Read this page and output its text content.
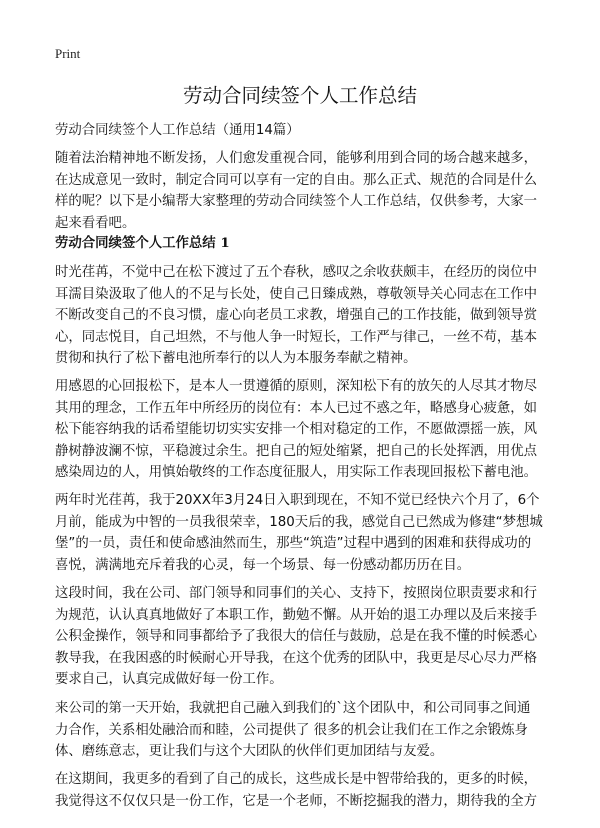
Print
劳动合同续签个人工作总结
劳动合同续签个人工作总结（通用14篇）
随着法治精神地不断发扬，人们愈发重视合同，能够利用到合同的场合越来越多，
在达成意见一致时，制定合同可以享有一定的自由。那么正式、规范的合同是什么
样的呢？以下是小编帮大家整理的劳动合同续签个人工作总结，仅供参考，大家一
起来看看吧。
劳动合同续签个人工作总结 1
时光荏苒，不觉中己在松下渡过了五个春秋，感叹之余收获颇丰，在经历的岗位中
耳濡目染汲取了他人的不足与长处，使自己日臻成熟，尊敬领导关心同志在工作中
不断改变自己的不良习惯，虚心向老员工求教，增强自己的工作技能，做到领导赏
心，同志悦目，自己坦然，不与他人争一时短长，工作严与律己，一丝不苟，基本
贯彻和执行了松下蓄电池所奉行的以人为本服务奉献之精神。
用感恩的心回报松下，是本人一贯遵循的原则，深知松下有的放矢的人尽其才物尽
其用的理念，工作五年中所经历的岗位有：本人已过不惑之年，略感身心疲惫，如
松下能容纳我的话希望能切切实实安排一个相对稳定的工作，不愿做漂摇一族，风
静树静波澜不惊，平稳渡过余生。把自己的短处缩紧，把自己的长处挥洒，用优点
感染周边的人，用慎始敬终的工作态度征服人，用实际工作表现回报松下蓄电池。
两年时光荏苒，我于20XX年3月24日入职到现在，不知不觉已经快六个月了，6个
月前，能成为中智的一员我很荣幸，180天后的我，感觉自己已然成为修建“梦想城
堡”的一员，责任和使命感油然而生，那些“筑造”过程中遇到的困难和获得成功的
喜悦，满满地充斥着我的心灵，每一个场景、每一份感动都历历在目。
这段时间，我在公司、部门领导和同事们的关心、支持下，按照岗位职责要求和行
为规范，认认真真地做好了本职工作，勤勉不懈。从开始的退工办理以及后来接手
公积金操作，领导和同事都给予了我很大的信任与鼓励，总是在我不懂的时候悉心
教导我，在我困惑的时候耐心开导我，在这个优秀的团队中，我更是尽心尽力严格
要求自己，认真完成做好每一份工作。
来公司的第一天开始，我就把自己融入到我们的`这个团队中，和公司同事之间通
力合作，关系相处融洽而和睦，公司提供了 很多的机会让我们在工作之余锻炼身
体、磨练意志，更让我们与这个大团队的伙伴们更加团结与友爱。
在这期间，我更多的看到了自己的成长，这些成长是中智带给我的，更多的时候，
我觉得这不仅仅只是一份工作，它是一个老师，不断挖掘我的潜力，期待我的全方
